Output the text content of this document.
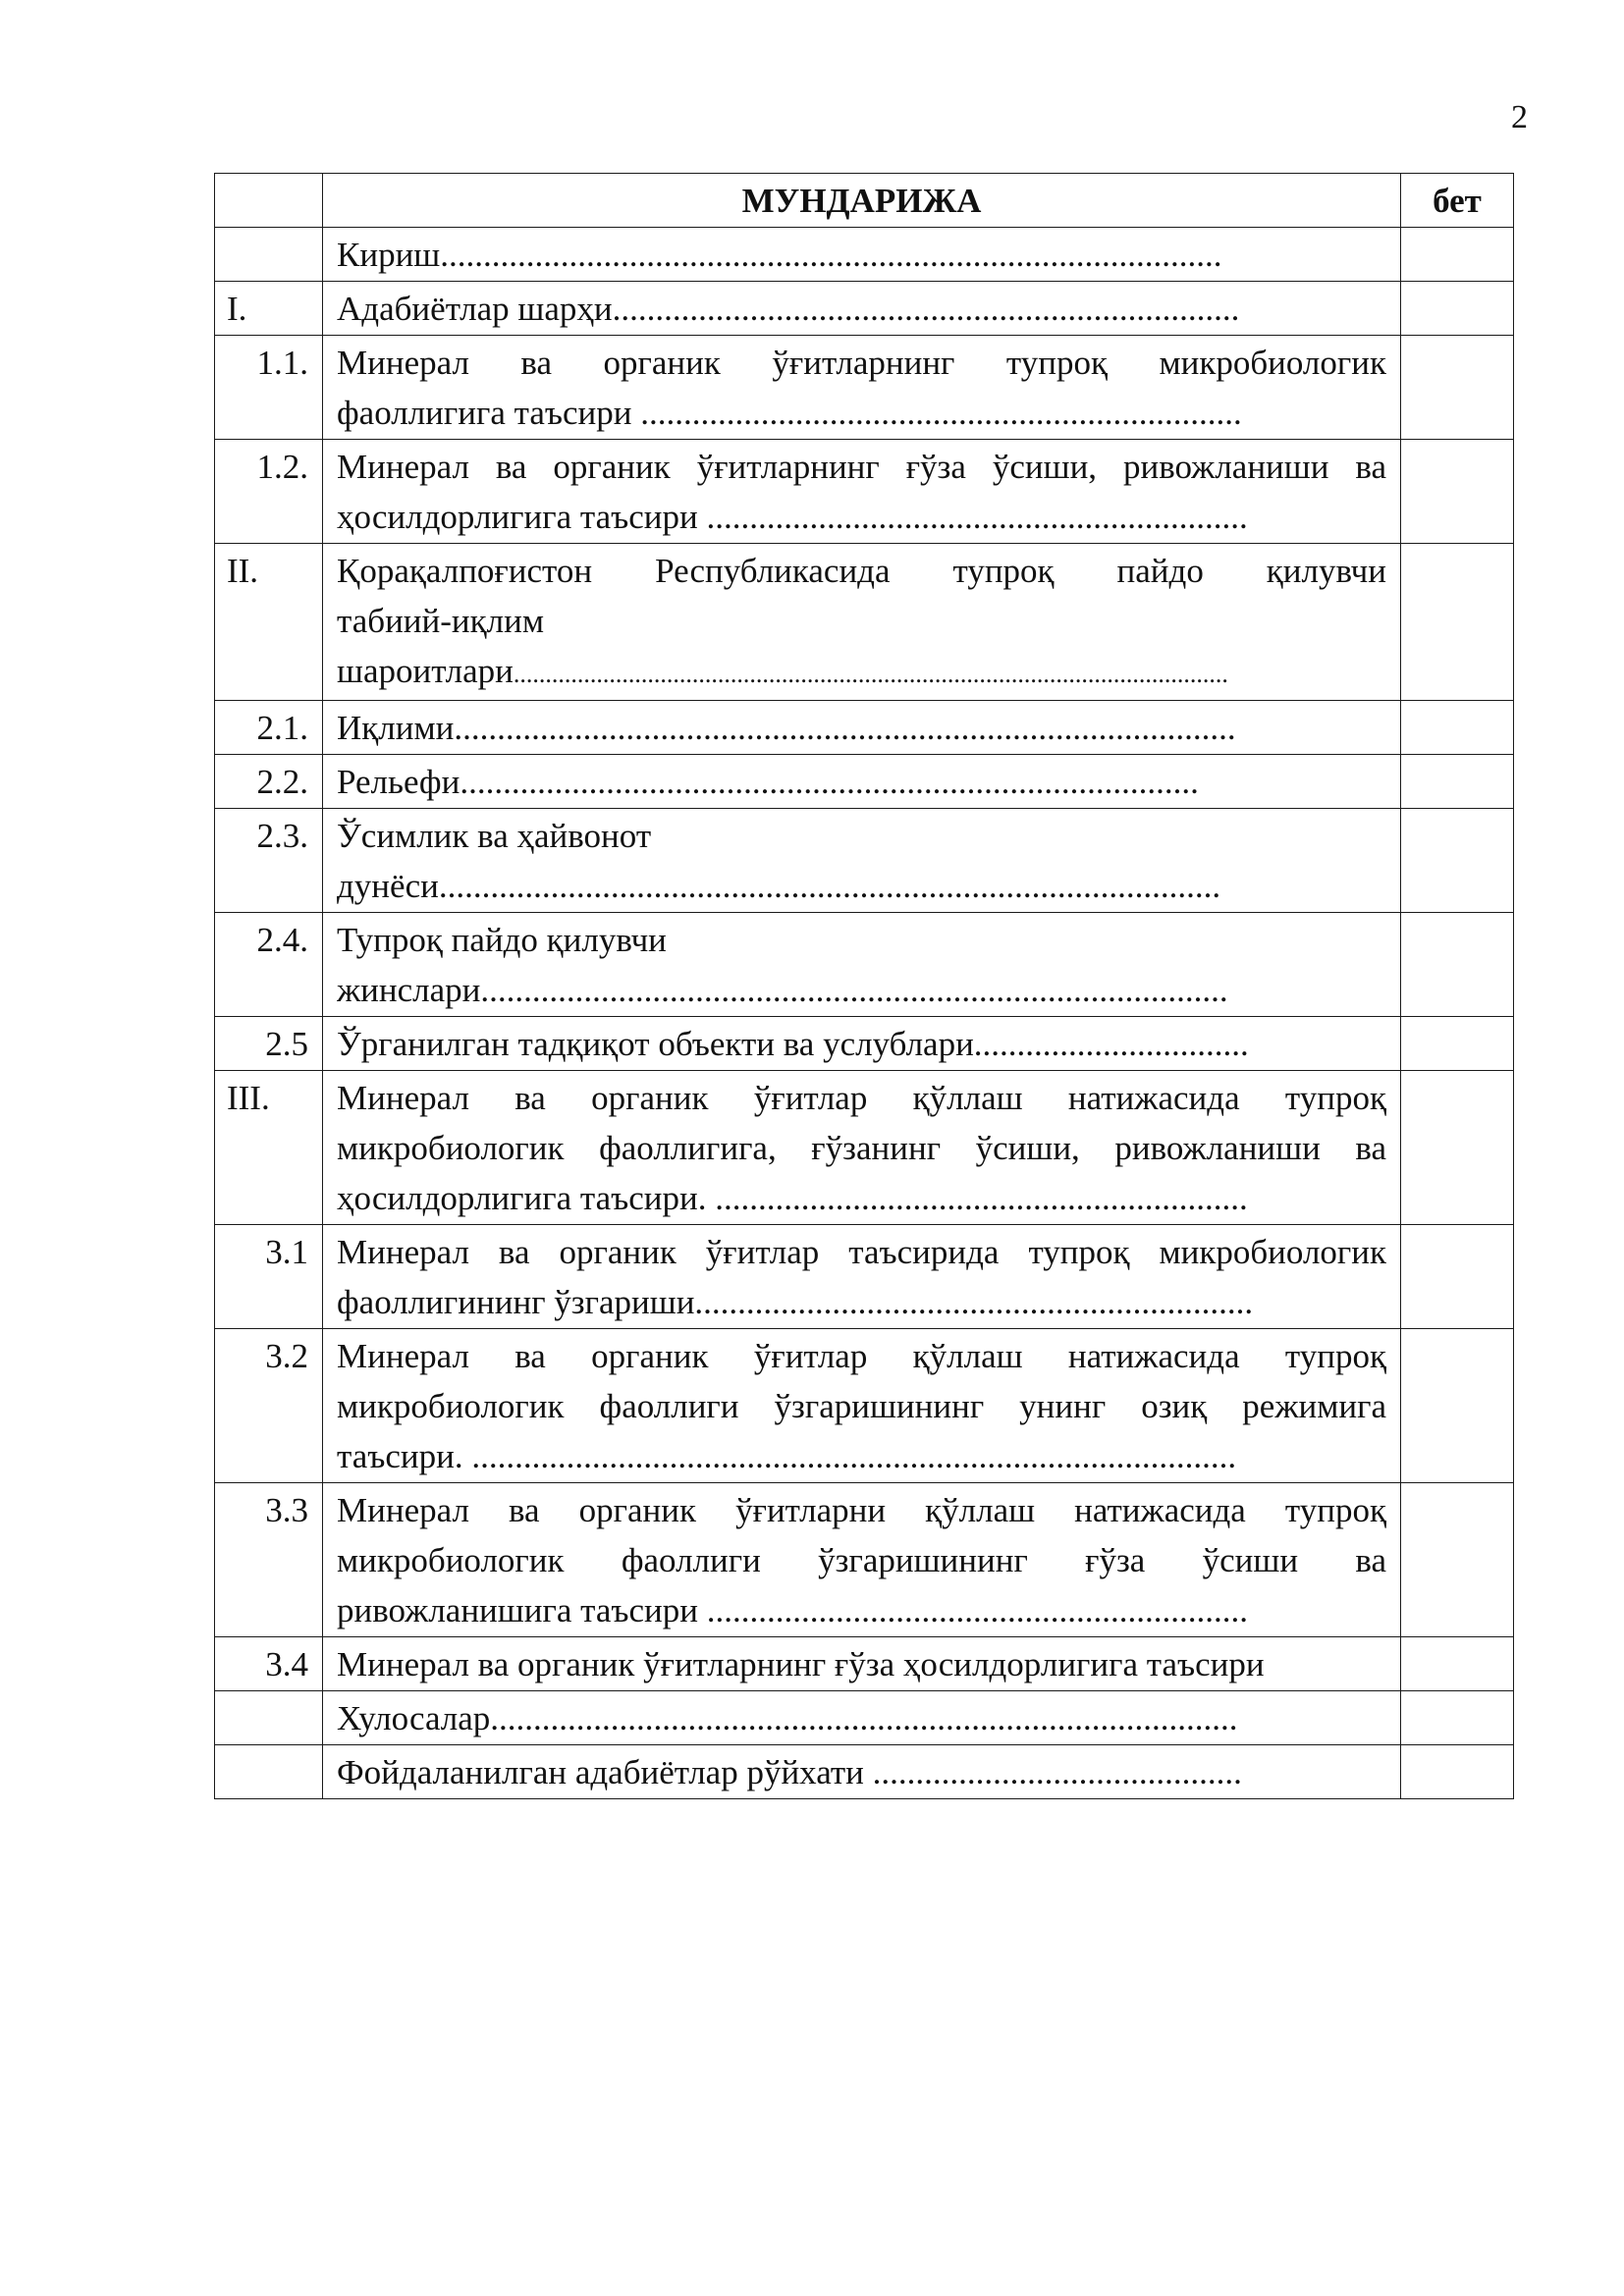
2
	МУНДАРИЖА	бет

	Кириш...........................................................................................	

I.	Адабиётлар шарҳи.........................................................................	

1.1.	Минерал ва органик ўғитларнинг тупроқ микробиологик
фаоллигига таъсири ......................................................................	

1.2.	Минерал ва органик ўғитларнинг ғўза ўсиши, ривожланиши ва
ҳосилдорлигига таъсири ...............................................................	

II.	Қорақалпоғистон Республикасида тупроқ пайдо қилувчи
табиий-иқлим
шароитлари................................................................................................................	

2.1.	Иқлими...........................................................................................	

2.2.	Рельефи......................................................................................	

2.3.	Ўсимлик ва ҳайвонот
дунёси...........................................................................................	

2.4.	Тупроқ пайдо қилувчи
жинслари.......................................................................................	

2.5	Ўрганилган тадқиқот объекти ва услублари................................	

III.	Минерал ва органик ўғитлар қўллаш натижасида тупроқ
микробиологик фаоллигига, ғўзанинг ўсиши, ривожланиши ва
ҳосилдорлигига таъсири. ..............................................................	

3.1	Минерал ва органик ўғитлар таъсирида тупроқ микробиологик
фаоллигининг ўзгариши.................................................................	

3.2	Минерал ва органик ўғитлар қўллаш натижасида тупроқ
микробиологик фаоллиги ўзгаришининг унинг озиқ режимига
таъсири. .........................................................................................	

3.3	Минерал ва органик ўғитларни қўллаш натижасида тупроқ
микробиологик фаоллиги ўзгаришининг ғўза ўсиши ва
ривожланишига таъсири ...............................................................	

3.4	Минерал ва органик ўғитларнинг ғўза ҳосилдорлигига таъсири	

	Хулосалар.......................................................................................	

	Фойдаланилган адабиётлар рўйхати ...........................................	
